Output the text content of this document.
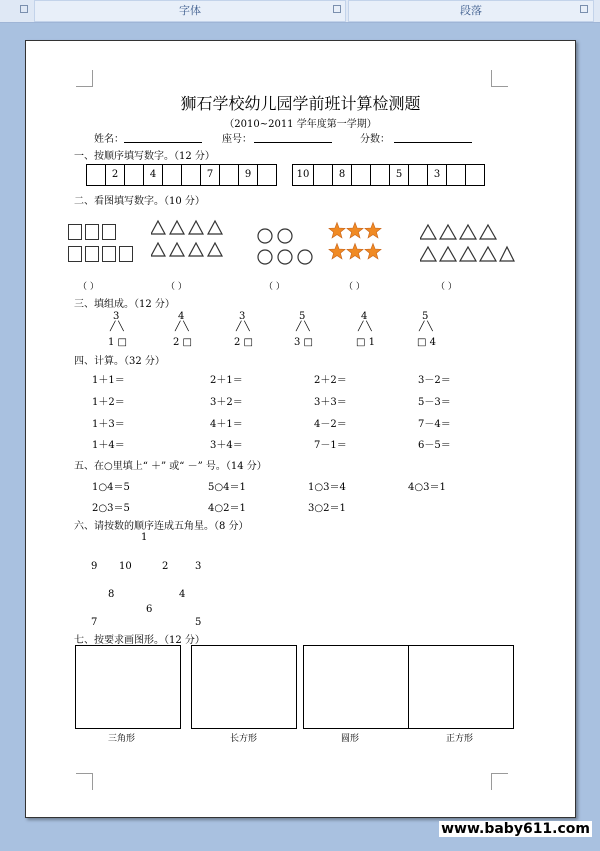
字体	段落
狮石学校幼儿园学前班计算检测题
（2010~2011 学年度第一学期）
姓名：	座号：	分数：
一、按顺序填写数字。（12 分）
2	4	7	9	10	8	5	3
二、看图填写数字。（10 分）
（ ）	（ ）	（ ）	（ ）	（ ）
三、填组成。（12 分）
3	4	3	5	4	5
╱ ╲	╱ ╲	╱ ╲	╱ ╲	╱ ╲	╱ ╲
1 □	2 □	2 □	3 □	□ 1	□ 4
四、计算。（32 分）
1＋1＝	2＋1＝	2＋2＝	3－2＝
1＋2＝	3＋2＝	3＋3＝	5－3＝
1＋3＝	4＋1＝	4－2＝	7－4＝
1＋4＝	3＋4＝	7－1＝	6－5＝
五、在○里填上“ ＋” 或“ －” 号。（14 分）
1○4＝5	5○4＝1	1○3＝4	4○3＝1
2○3＝5	4○2＝1	3○2＝1
六、请按数的顺序连成五角星。（8 分）
1
9 10	2	3
8	4
6
7	5
七、按要求画图形。（12 分）
三角形	长方形	圆形	正方形
www.baby611.com
